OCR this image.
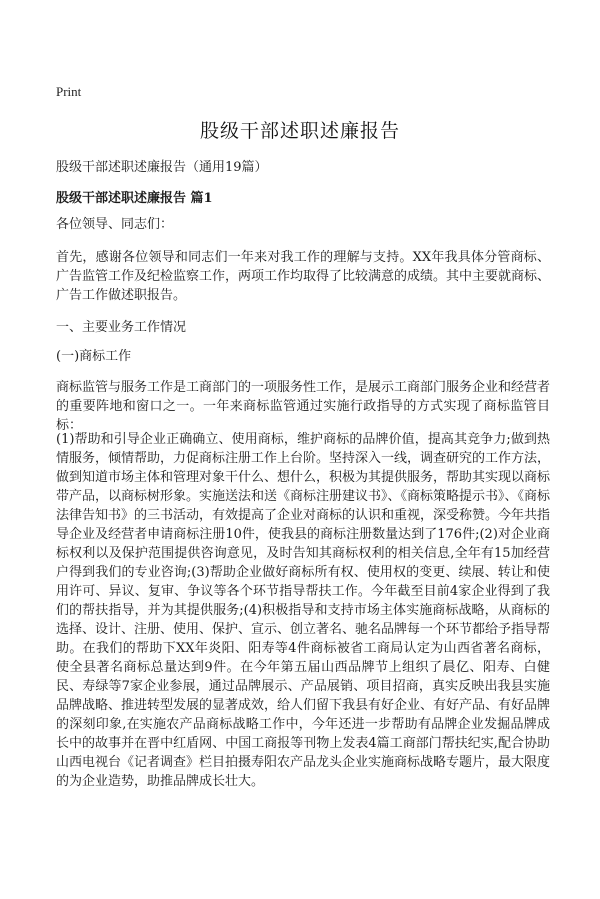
Print
股级干部述职述廉报告
股级干部述职述廉报告（通用19篇）
股级干部述职述廉报告 篇1

各位领导、同志们：

首先，感谢各位领导和同志们一年来对我工作的理解与支持。XX年我具体分管商标、广告监管工作及纪检监察工作，两项工作均取得了比较满意的成绩。其中主要就商标、广告工作做述职报告。

一、主要业务工作情况

(一)商标工作

商标监管与服务工作是工商部门的一项服务性工作，是展示工商部门服务企业和经营者的重要阵地和窗口之一。一年来商标监管通过实施行政指导的方式实现了商标监管目标：

(1)帮助和引导企业正确确立、使用商标，维护商标的品牌价值，提高其竞争力;做到热情服务，倾情帮助，力促商标注册工作上台阶。坚持深入一线，调查研究的工作方法，做到知道市场主体和管理对象干什么、想什么，积极为其提供服务，帮助其实现以商标带产品，以商标树形象。实施送法和送《商标注册建议书》、《商标策略提示书》、《商标法律告知书》的三书活动，有效提高了企业对商标的认识和重视，深受称赞。今年共指导企业及经营者申请商标注册10件，使我县的商标注册数量达到了176件;(2)对企业商标权利以及保护范围提供咨询意见，及时告知其商标权利的相关信息,全年有15加经营户得到我们的专业咨询;(3)帮助企业做好商标所有权、使用权的变更、续展、转让和使用许可、异议、复审、争议等各个环节指导帮扶工作。今年截至目前4家企业得到了我们的帮扶指导，并为其提供服务;(4)积极指导和支持市场主体实施商标战略，从商标的选择、设计、注册、使用、保护、宣示、创立著名、驰名品牌每一个环节都给予指导帮助。在我们的帮助下XX年炎阳、阳寿等4件商标被省工商局认定为山西省著名商标，使全县著名商标总量达到9件。在今年第五届山西品牌节上组织了晨亿、阳寿、白健民、寿绿等7家企业参展，通过品牌展示、产品展销、项目招商，真实反映出我县实施品牌战略、推进转型发展的显著成效，给人们留下我县有好企业、有好产品、有好品牌的深刻印象,在实施农产品商标战略工作中，今年还进一步帮助有品牌企业发掘品牌成长中的故事并在晋中红盾网、中国工商报等刊物上发表4篇工商部门帮扶纪实,配合协助山西电视台《记者调查》栏目拍摄寿阳农产品龙头企业实施商标战略专题片，最大限度的为企业造势，助推品牌成长壮大。
